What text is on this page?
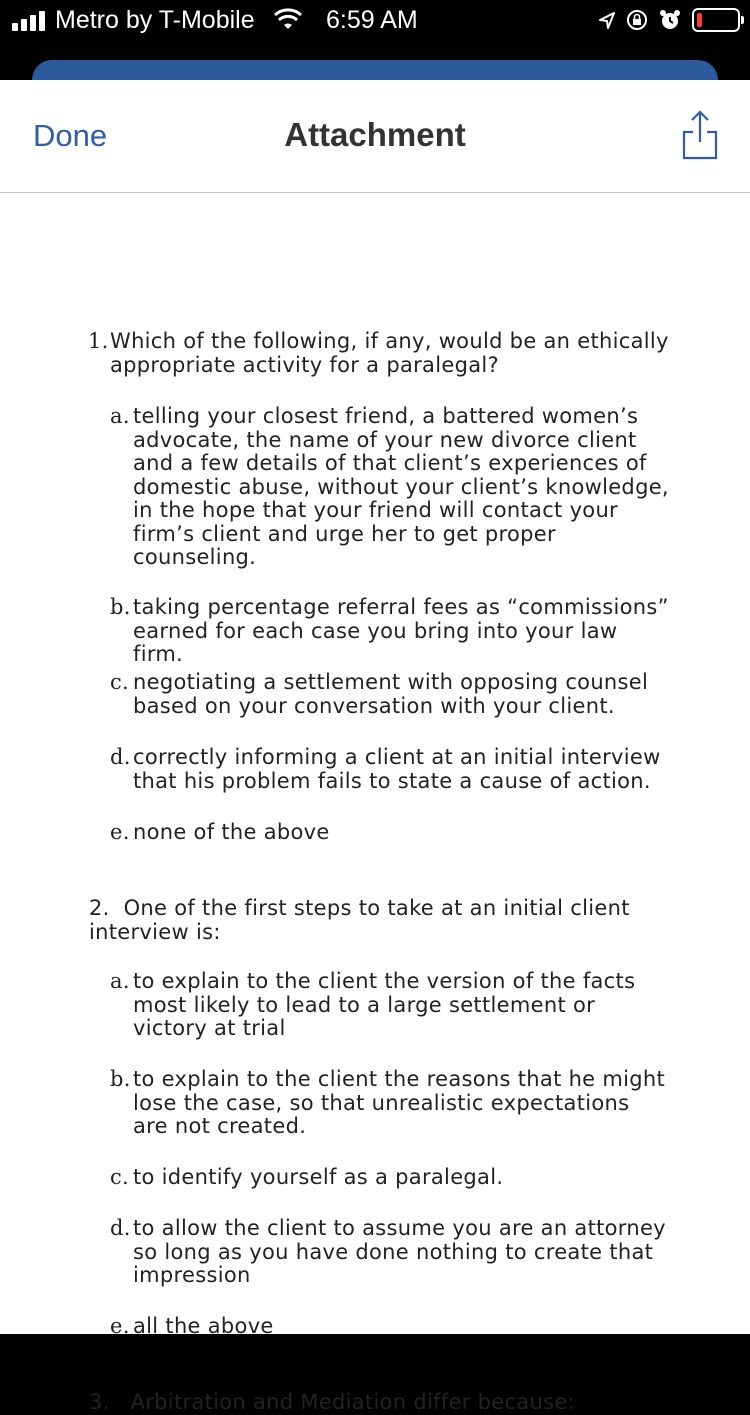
Metro by T-Mobile	6:59 AM
Done	Attachment
1. Which of the following, if any, would be an ethically appropriate activity for a paralegal?
a. telling your closest friend, a battered women’s advocate, the name of your new divorce client and a few details of that client’s experiences of domestic abuse, without your client’s knowledge, in the hope that your friend will contact your firm’s client and urge her to get proper counseling.
b. taking percentage referral fees as “commissions” earned for each case you bring into your law firm.
c. negotiating a settlement with opposing counsel based on your conversation with your client.
d. correctly informing a client at an initial interview that his problem fails to state a cause of action.
e. none of the above
2. One of the first steps to take at an initial client interview is:
a. to explain to the client the version of the facts most likely to lead to a large settlement or victory at trial
b. to explain to the client the reasons that he might lose the case, so that unrealistic expectations are not created.
c. to identify yourself as a paralegal.
d. to allow the client to assume you are an attorney so long as you have done nothing to create that impression
e. all the above
3. Arbitration and Mediation differ because:
